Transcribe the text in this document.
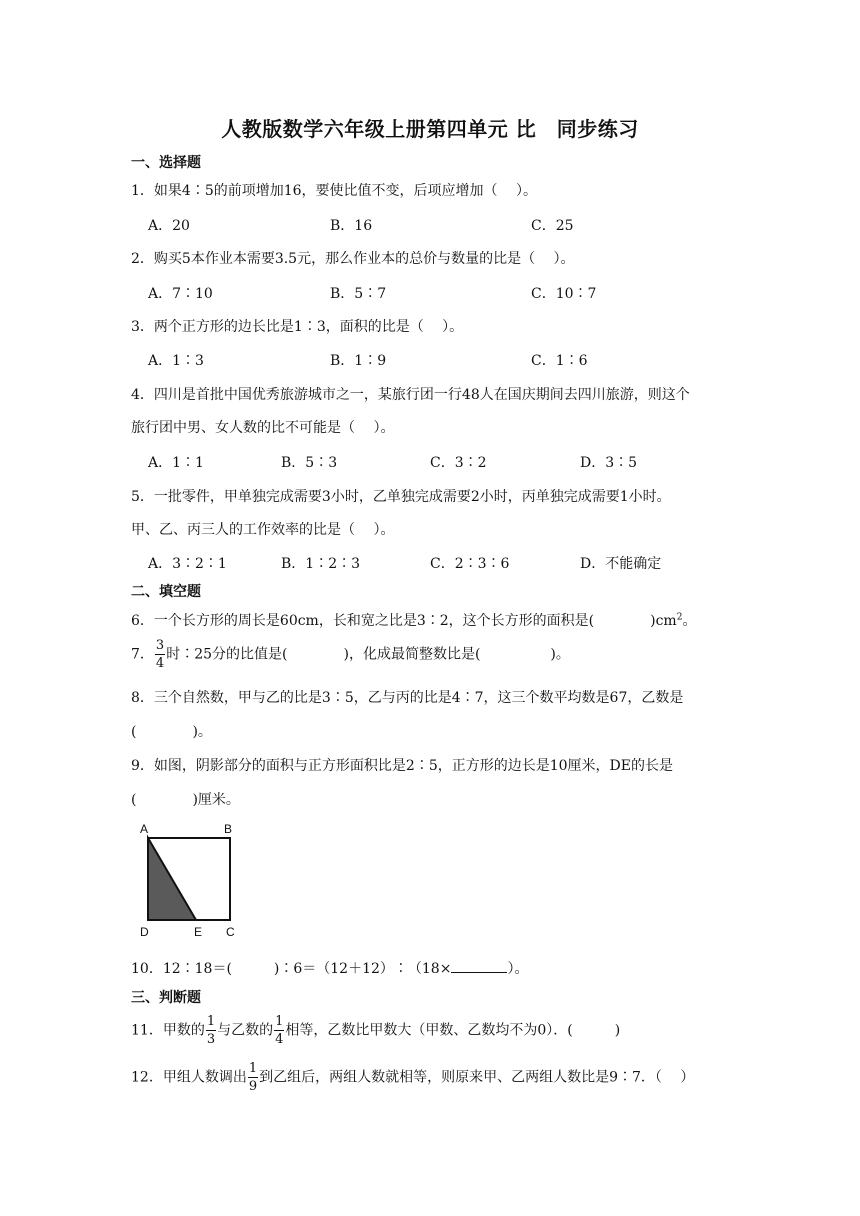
人教版数学六年级上册第四单元 比　同步练习
一、选择题
1．如果4∶5的前项增加16，要使比值不变，后项应增加（　 ）。
A．20	B．16	C．25
2．购买5本作业本需要3.5元，那么作业本的总价与数量的比是（　 ）。
A．7∶10	B．5∶7	C．10∶7
3．两个正方形的边长比是1∶3，面积的比是（　 ）。
A．1∶3	B．1∶9	C．1∶6
4．四川是首批中国优秀旅游城市之一，某旅行团一行48人在国庆期间去四川旅游，则这个
旅行团中男、女人数的比不可能是（　 ）。
A．1∶1	B．5∶3	C．3∶2	D．3∶5
5．一批零件，甲单独完成需要3小时，乙单独完成需要2小时，丙单独完成需要1小时。
甲、乙、丙三人的工作效率的比是（　 ）。
A．3∶2∶1	B．1∶2∶3	C．2∶3∶6	D．不能确定
二、填空题
6．一个长方形的周长是60cm，长和宽之比是3∶2，这个长方形的面积是(　　　　)$cm^2$。
7． $\frac{3}{4}$ 时∶25分的比值是(　　　　)，化成最简整数比是(　　　　　)。
8．三个自然数，甲与乙的比是3∶5，乙与丙的比是4∶7，这三个数平均数是67，乙数是
(　　　　)。
9．如图，阴影部分的面积与正方形面积比是2∶5，正方形的边长是10厘米，DE的长是
(　　　　)厘米。
A	B
C
D	E
10．12∶18＝(　　　)∶6＝（12＋12）∶（18×	）。
三、判断题
11．甲数的 $\frac{1}{3}$ 与乙数的 $\frac{1}{4}$ 相等，乙数比甲数大（甲数、乙数均不为0）．(　　　)
12．甲组人数调出 $\frac{1}{9}$ 到乙组后，两组人数就相等，则原来甲、乙两组人数比是9∶7．（　 ）
